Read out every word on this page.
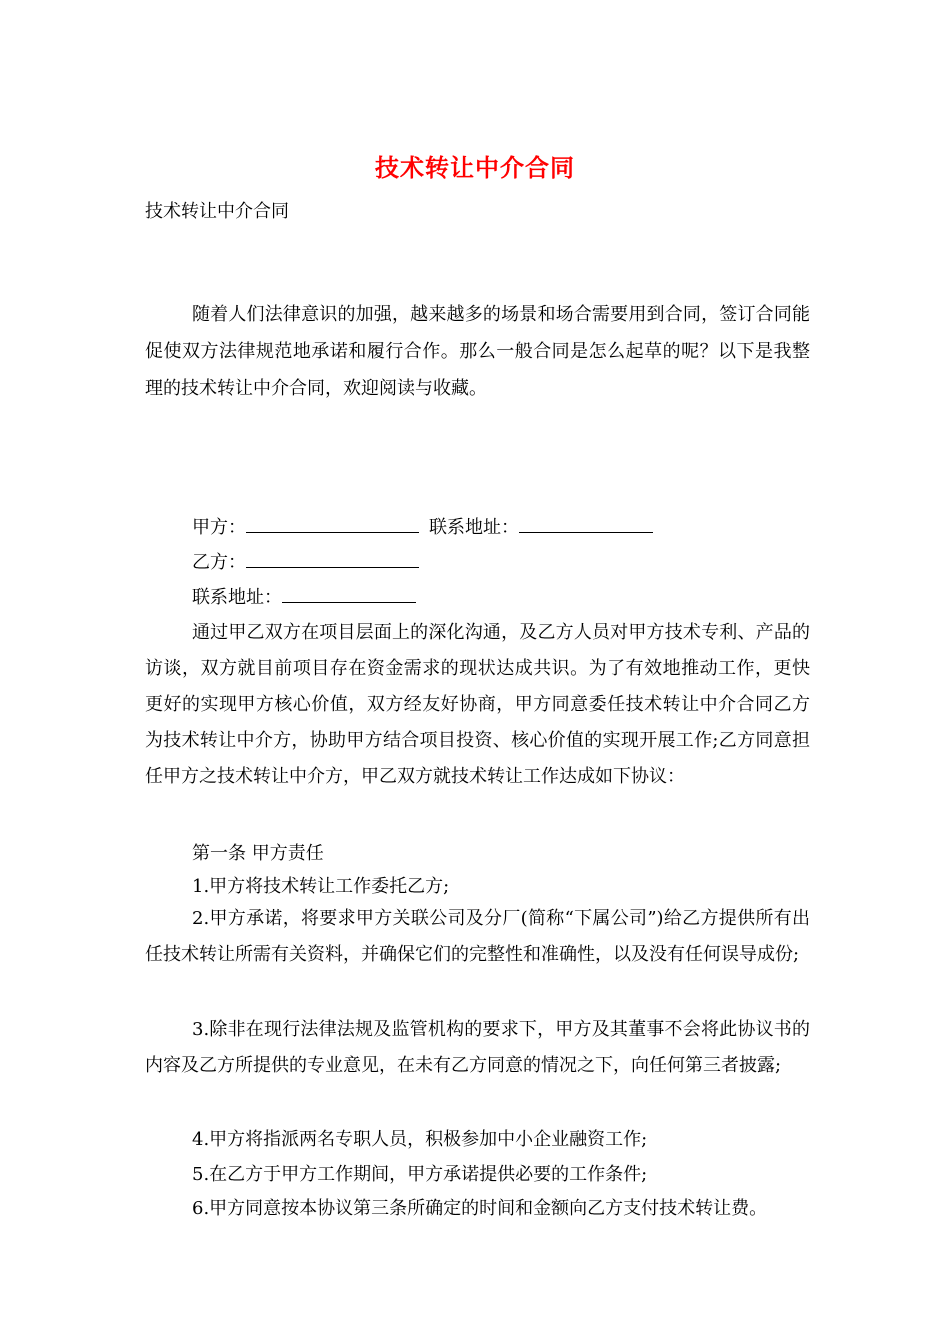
技术转让中介合同
技术转让中介合同
随着人们法律意识的加强，越来越多的场景和场合需要用到合同，签订合同能促使双方法律规范地承诺和履行合作。那么一般合同是怎么起草的呢？以下是我整理的技术转让中介合同，欢迎阅读与收藏。
甲方：	联系地址：
乙方：
联系地址：
通过甲乙双方在项目层面上的深化沟通，及乙方人员对甲方技术专利、产品的访谈，双方就目前项目存在资金需求的现状达成共识。为了有效地推动工作，更快更好的实现甲方核心价值，双方经友好协商，甲方同意委任技术转让中介合同乙方为技术转让中介方，协助甲方结合项目投资、核心价值的实现开展工作;乙方同意担任甲方之技术转让中介方，甲乙双方就技术转让工作达成如下协议：
第一条 甲方责任
1.甲方将技术转让工作委托乙方;
2.甲方承诺，将要求甲方关联公司及分厂(简称“下属公司”)给乙方提供所有出任技术转让所需有关资料，并确保它们的完整性和准确性，以及没有任何误导成份;
3.除非在现行法律法规及监管机构的要求下，甲方及其董事不会将此协议书的内容及乙方所提供的专业意见，在未有乙方同意的情况之下，向任何第三者披露;
4.甲方将指派两名专职人员，积极参加中小企业融资工作;
5.在乙方于甲方工作期间，甲方承诺提供必要的工作条件;
6.甲方同意按本协议第三条所确定的时间和金额向乙方支付技术转让费。
